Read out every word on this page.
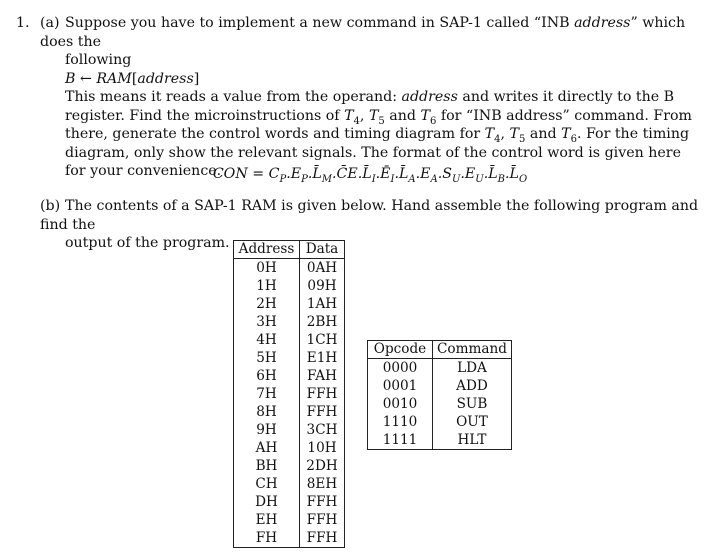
1. (a) Suppose you have to implement a new command in SAP-1 called “INB address” which does the
following
B ← RAM[address]
This means it reads a value from the operand: address and writes it directly to the B register. Find the microinstructions of $T_4$, $T_5$ and $T_6$ for “INB address” command. From there, generate the control words and timing diagram for $T_4$, $T_5$ and $T_6$. For the timing diagram, only show the relevant signals. The format of the control word is given here for your convenience.
CON = $C_P.E_P.L̄_M.C̄E.L̄_I.Ē_I.L̄_A.E_A.S_U.E_U.L̄_B.L̄_O$
(b) The contents of a SAP-1 RAM is given below. Hand assemble the following program and find the
output of the program. Address	Data
0H	0AH
1H	09H
2H	1AH
3H	2BH
4H	1CH
5H	E1H
6H	FAH
7H	FFH
8H	FFH
9H	3CH
AH	10H
BH	2DH
CH	8EH
DH	FFH
EH	FFH
FH	FFH
Opcode	Command
0000	LDA
0001	ADD
0010	SUB
1110	OUT
1111	HLT
